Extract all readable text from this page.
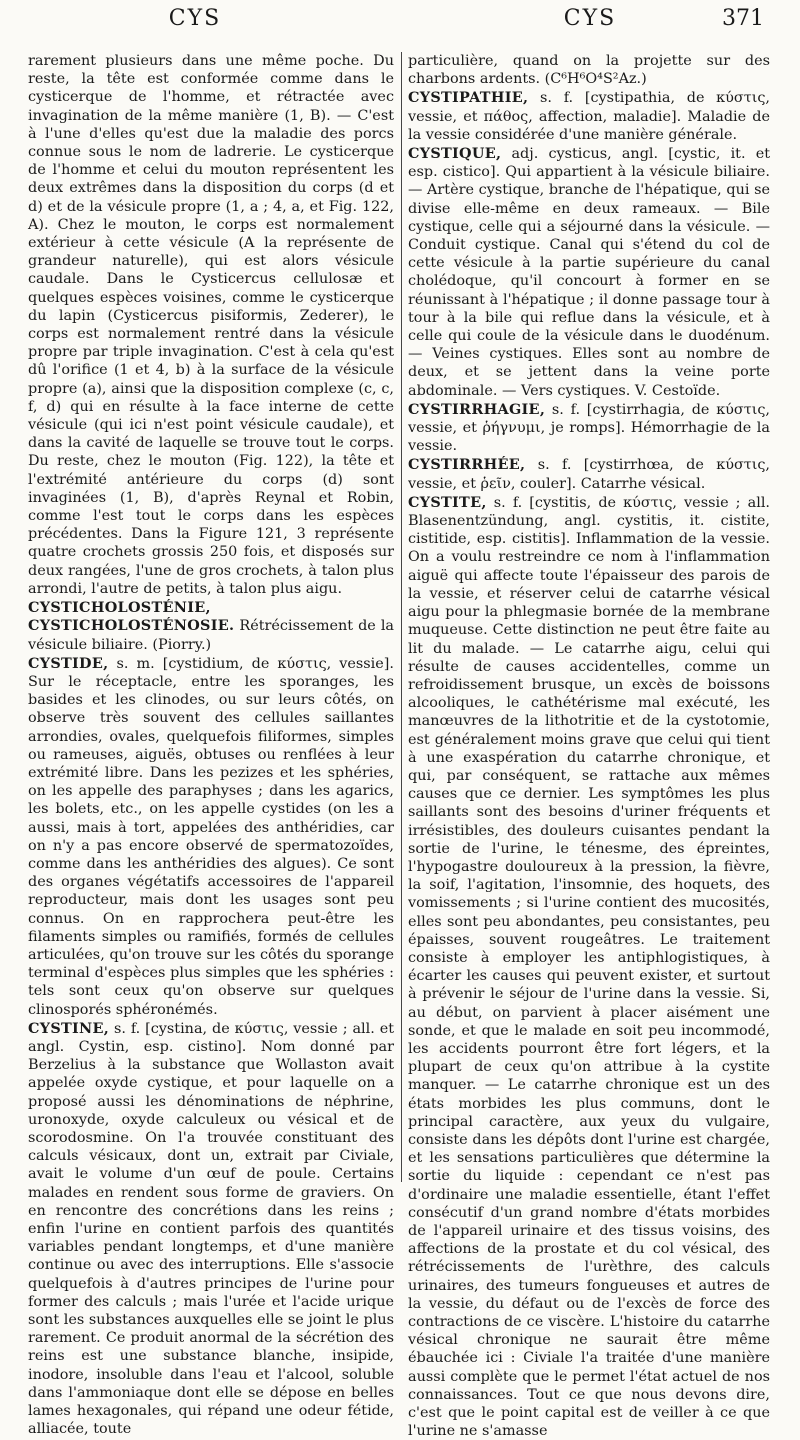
CYS	CYS	371

rarement plusieurs dans une même poche. Du reste, la tête est conformée comme dans le cysticerque de l'homme, et rétractée avec invagination de la même manière (1, B). — C'est à l'une d'elles qu'est due la maladie des porcs connue sous le nom de ladrerie. Le cysticerque de l'homme et celui du mouton représentent les deux extrêmes dans la disposition du corps (d et d) et de la vésicule propre (1, a ; 4, a, et Fig. 122, A). Chez le mouton, le corps est normalement extérieur à cette vésicule (A la représente de grandeur naturelle), qui est alors vésicule caudale. Dans le Cysticercus cellulosæ et quelques espèces voisines, comme le cysticerque du lapin (Cysticercus pisiformis, Zederer), le corps est normalement rentré dans la vésicule propre par triple invagination. C'est à cela qu'est dû l'orifice (1 et 4, b) à la surface de la vésicule propre (a), ainsi que la disposition complexe (c, c, f, d) qui en résulte à la face interne de cette vésicule (qui ici n'est point vésicule caudale), et dans la cavité de laquelle se trouve tout le corps. Du reste, chez le mouton (Fig. 122), la tête et l'extrémité antérieure du corps (d) sont invaginées (1, B), d'après Reynal et Robin, comme l'est tout le corps dans les espèces précédentes. Dans la Figure 121, 3 représente quatre crochets grossis 250 fois, et disposés sur deux rangées, l'une de gros crochets, à talon plus arrondi, l'autre de petits, à talon plus aigu.

CYSTICHOLOSTÉNIE, CYSTICHOLOSTÉNOSIE. Rétrécissement de la vésicule biliaire. (Piorry.)

CYSTIDE, s. m. [cystidium, de κύστις, vessie]. Sur le réceptacle, entre les sporanges, les basides et les clinodes, ou sur leurs côtés, on observe très souvent des cellules saillantes arrondies, ovales, quelquefois filiformes, simples ou rameuses, aiguës, obtuses ou renflées à leur extrémité libre. Dans les pezizes et les sphéries, on les appelle des paraphyses ; dans les agarics, les bolets, etc., on les appelle cystides (on les a aussi, mais à tort, appelées des anthéridies, car on n'y a pas encore observé de spermatozoïdes, comme dans les anthéridies des algues). Ce sont des organes végétatifs accessoires de l'appareil reproducteur, mais dont les usages sont peu connus. On en rapprochera peut-être les filaments simples ou ramifiés, formés de cellules articulées, qu'on trouve sur les côtés du sporange terminal d'espèces plus simples que les sphéries : tels sont ceux qu'on observe sur quelques clinosporés sphéronémés.

CYSTINE, s. f. [cystina, de κύστις, vessie ; all. et angl. Cystin, esp. cistino]. Nom donné par Berzelius à la substance que Wollaston avait appelée oxyde cystique, et pour laquelle on a proposé aussi les dénominations de néphrine, uronoxyde, oxyde calculeux ou vésical et de scorodosmine. On l'a trouvée constituant des calculs vésicaux, dont un, extrait par Civiale, avait le volume d'un œuf de poule. Certains malades en rendent sous forme de graviers. On en rencontre des concrétions dans les reins ; enfin l'urine en contient parfois des quantités variables pendant longtemps, et d'une manière continue ou avec des interruptions. Elle s'associe quelquefois à d'autres principes de l'urine pour former des calculs ; mais l'urée et l'acide urique sont les substances auxquelles elle se joint le plus rarement. Ce produit anormal de la sécrétion des reins est une substance blanche, insipide, inodore, insoluble dans l'eau et l'alcool, soluble dans l'ammoniaque dont elle se dépose en belles lames hexagonales, qui répand une odeur fétide, alliacée, toute

particulière, quand on la projette sur des charbons ardents. (C⁶H⁶O⁴S²Az.)

CYSTIPATHIE, s. f. [cystipathia, de κύστις, vessie, et πάθος, affection, maladie]. Maladie de la vessie considérée d'une manière générale.

CYSTIQUE, adj. cysticus, angl. [cystic, it. et esp. cistico]. Qui appartient à la vésicule biliaire. — Artère cystique, branche de l'hépatique, qui se divise elle-même en deux rameaux. — Bile cystique, celle qui a séjourné dans la vésicule. — Conduit cystique. Canal qui s'étend du col de cette vésicule à la partie supérieure du canal cholédoque, qu'il concourt à former en se réunissant à l'hépatique ; il donne passage tour à tour à la bile qui reflue dans la vésicule, et à celle qui coule de la vésicule dans le duodénum. — Veines cystiques. Elles sont au nombre de deux, et se jettent dans la veine porte abdominale. — Vers cystiques. V. Cestoïde.

CYSTIRRHAGIE, s. f. [cystirrhagia, de κύστις, vessie, et ῥήγνυμι, je romps]. Hémorrhagie de la vessie.

CYSTIRRHÉE, s. f. [cystirrhœa, de κύστις, vessie, et ῥεῖν, couler]. Catarrhe vésical.

CYSTITE, s. f. [cystitis, de κύστις, vessie ; all. Blasenentzündung, angl. cystitis, it. cistite, cistitide, esp. cistitis]. Inflammation de la vessie. On a voulu restreindre ce nom à l'inflammation aiguë qui affecte toute l'épaisseur des parois de la vessie, et réserver celui de catarrhe vésical aigu pour la phlegmasie bornée de la membrane muqueuse. Cette distinction ne peut être faite au lit du malade. — Le catarrhe aigu, celui qui résulte de causes accidentelles, comme un refroidissement brusque, un excès de boissons alcooliques, le cathétérisme mal exécuté, les manœuvres de la lithotritie et de la cystotomie, est généralement moins grave que celui qui tient à une exaspération du catarrhe chronique, et qui, par conséquent, se rattache aux mêmes causes que ce dernier. Les symptômes les plus saillants sont des besoins d'uriner fréquents et irrésistibles, des douleurs cuisantes pendant la sortie de l'urine, le ténesme, des épreintes, l'hypogastre douloureux à la pression, la fièvre, la soif, l'agitation, l'insomnie, des hoquets, des vomissements ; si l'urine contient des mucosités, elles sont peu abondantes, peu consistantes, peu épaisses, souvent rougeâtres. Le traitement consiste à employer les antiphlogistiques, à écarter les causes qui peuvent exister, et surtout à prévenir le séjour de l'urine dans la vessie. Si, au début, on parvient à placer aisément une sonde, et que le malade en soit peu incommodé, les accidents pourront être fort légers, et la plupart de ceux qu'on attribue à la cystite manquer. — Le catarrhe chronique est un des états morbides les plus communs, dont le principal caractère, aux yeux du vulgaire, consiste dans les dépôts dont l'urine est chargée, et les sensations particulières que détermine la sortie du liquide : cependant ce n'est pas d'ordinaire une maladie essentielle, étant l'effet consécutif d'un grand nombre d'états morbides de l'appareil urinaire et des tissus voisins, des affections de la prostate et du col vésical, des rétrécissements de l'urèthre, des calculs urinaires, des tumeurs fongueuses et autres de la vessie, du défaut ou de l'excès de force des contractions de ce viscère. L'histoire du catarrhe vésical chronique ne saurait être même ébauchée ici : Civiale l'a traitée d'une manière aussi complète que le permet l'état actuel de nos connaissances. Tout ce que nous devons dire, c'est que le point capital est de veiller à ce que l'urine ne s'amasse
